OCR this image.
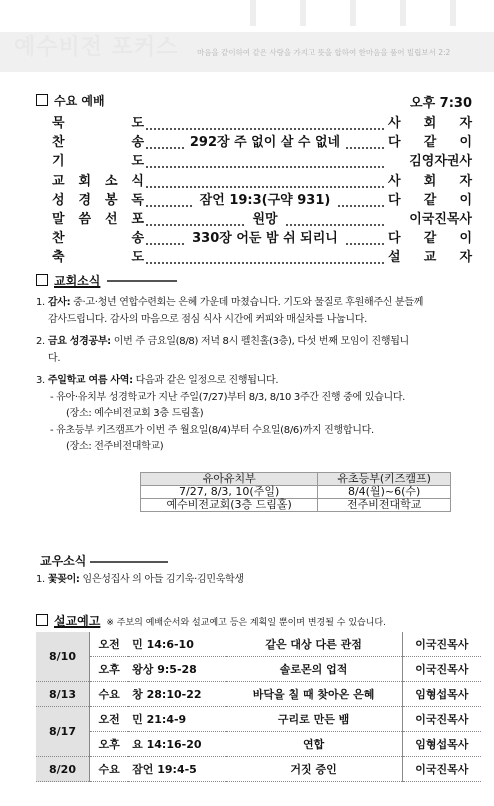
예수비전 포커스 마음을 같이하여 같은 사랑을 가지고 뜻을 합하여 한마음을 품어 빌립보서 2:2
수요 예배	오후 7:30
묵	도	사 회 자
찬	송	292장 주 없이 살 수 없네	다 같 이
기	도	김영자권사
교 회 소 식	사 회 자
성 경 봉 독	잠언 19:3(구약 931)	다 같 이
말 씀 선 포	원망	이국진목사
찬	송	330장 어둔 밤 쉬 되리니	다 같 이
축	도	설 교 자
교회소식

1. 감사: 중·고·청년 연합수련회는 은혜 가운데 마쳤습니다. 기도와 물질로 후원해주신 분들께

감사드립니다. 감사의 마음으로 점심 식사 시간에 커피와 매실차를 나눕니다.

2. 금요 성경공부: 이번 주 금요일(8/8) 저녁 8시 펠친홀(3층), 다섯 번째 모임이 진행됩니

다.

3. 주일학교 여름 사역: 다음과 같은 일정으로 진행됩니다.

- 유아·유치부 성경학교가 지난 주일(7/27)부터 8/3, 8/10 3주간 진행 중에 있습니다.

(장소: 예수비전교회 3층 드림홀)

- 유초등부 키즈캠프가 이번 주 월요일(8/4)부터 수요일(8/6)까지 진행합니다.

(장소: 전주비전대학교)

유아유치부	유초등부(키즈캠프)
7/27, 8/3, 10(주일)	8/4(월)~6(수)
예수비전교회(3층 드림홀)	전주비전대학교
교우소식

1. 꽃꽂이: 임은성집사 의 아들 김기욱·김민욱학생

설교예고 ※ 주보의 예배순서와 설교예고 등은 계획일 뿐이며 변경될 수 있습니다.
8/10	오전	민 14:6-10	같은 대상 다른 관점	이국진목사
	오후	왕상 9:5-28	솔로몬의 업적	이국진목사
8/13	수요	창 28:10-22	바닥을 칠 때 찾아온 은혜	임형섭목사
8/17	오전	민 21:4-9	구리로 만든 뱀	이국진목사
	오후	요 14:16-20	연합	임형섭목사
8/20	수요	잠언 19:4-5	거짓 증인	이국진목사
